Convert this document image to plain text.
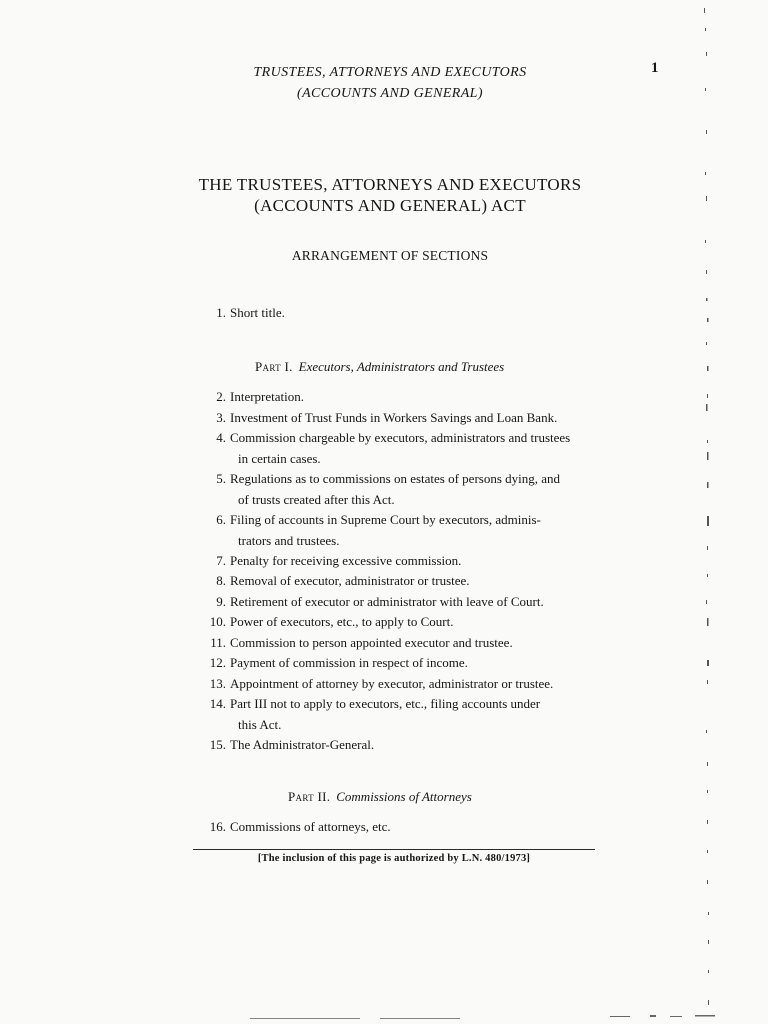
TRUSTEES, ATTORNEYS AND EXECUTORS
(ACCOUNTS AND GENERAL)
1
THE TRUSTEES, ATTORNEYS AND EXECUTORS
(ACCOUNTS AND GENERAL) ACT
ARRANGEMENT OF SECTIONS
1. Short title.
Part I. Executors, Administrators and Trustees
2. Interpretation.
3. Investment of Trust Funds in Workers Savings and Loan Bank.
4. Commission chargeable by executors, administrators and trustees
in certain cases.
5. Regulations as to commissions on estates of persons dying, and
of trusts created after this Act.
6. Filing of accounts in Supreme Court by executors, adminis-
trators and trustees.
7. Penalty for receiving excessive commission.
8. Removal of executor, administrator or trustee.
9. Retirement of executor or administrator with leave of Court.
10. Power of executors, etc., to apply to Court.
11. Commission to person appointed executor and trustee.
12. Payment of commission in respect of income.
13. Appointment of attorney by executor, administrator or trustee.
14. Part III not to apply to executors, etc., filing accounts under
this Act.
15. The Administrator-General.
Part II. Commissions of Attorneys
16. Commissions of attorneys, etc.
[The inclusion of this page is authorized by L.N. 480/1973]
